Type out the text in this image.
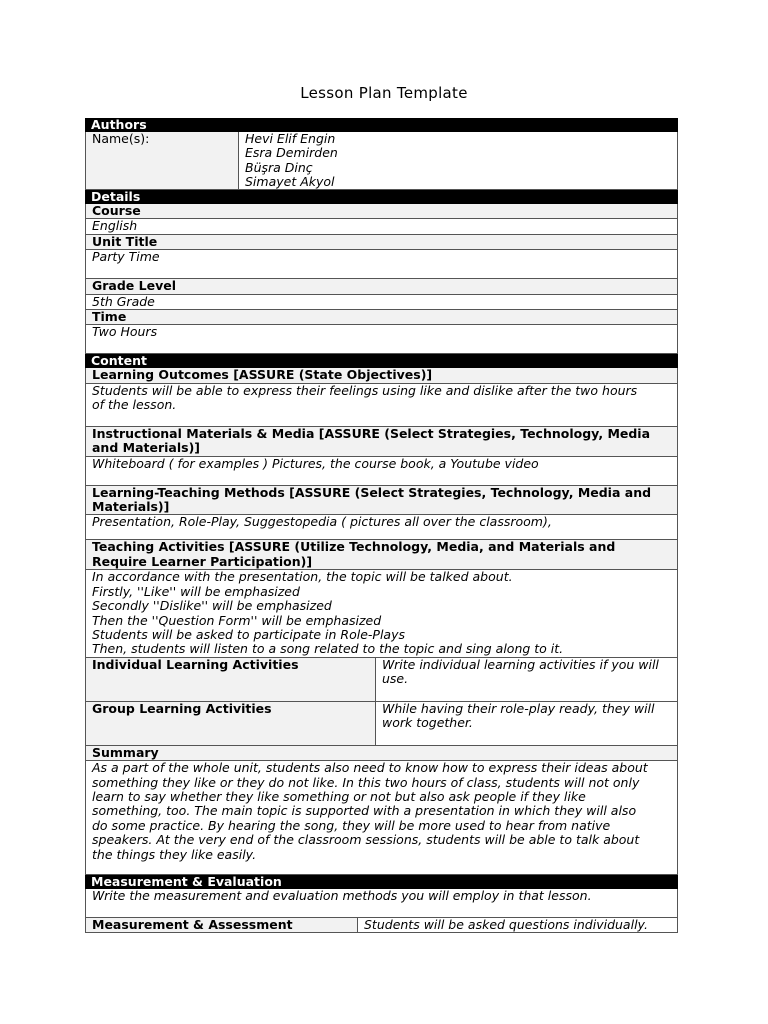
Lesson Plan Template
Authors
Name(s):	Hevi Elif Engin
Esra Demirden
Büşra Dinç
Simayet Akyol
Details
Course
English
Unit Title
Party Time
Grade Level
5th Grade
Time
Two Hours
Content
Learning Outcomes [ASSURE (State Objectives)]
Students will be able to express their feelings using like and dislike after the two hours
of the lesson.
Instructional Materials & Media [ASSURE (Select Strategies, Technology, Media
and Materials)]
Whiteboard ( for examples ) Pictures, the course book, a Youtube video
Learning-Teaching Methods [ASSURE (Select Strategies, Technology, Media and
Materials)]
Presentation, Role-Play, Suggestopedia ( pictures all over the classroom),
Teaching Activities [ASSURE (Utilize Technology, Media, and Materials and
Require Learner Participation)]
In accordance with the presentation, the topic will be talked about.
Firstly, ''Like'' will be emphasized
Secondly ''Dislike'' will be emphasized
Then the ''Question Form'' will be emphasized
Students will be asked to participate in Role-Plays
Then, students will listen to a song related to the topic and sing along to it.
Individual Learning Activities	Write individual learning activities if you will
use.
Group Learning Activities	While having their role-play ready, they will
work together.
Summary
As a part of the whole unit, students also need to know how to express their ideas about
something they like or they do not like. In this two hours of class, students will not only
learn to say whether they like something or not but also ask people if they like
something, too. The main topic is supported with a presentation in which they will also
do some practice. By hearing the song, they will be more used to hear from native
speakers. At the very end of the classroom sessions, students will be able to talk about
the things they like easily.
Measurement & Evaluation
Write the measurement and evaluation methods you will employ in that lesson.
Measurement & Assessment	Students will be asked questions individually.
